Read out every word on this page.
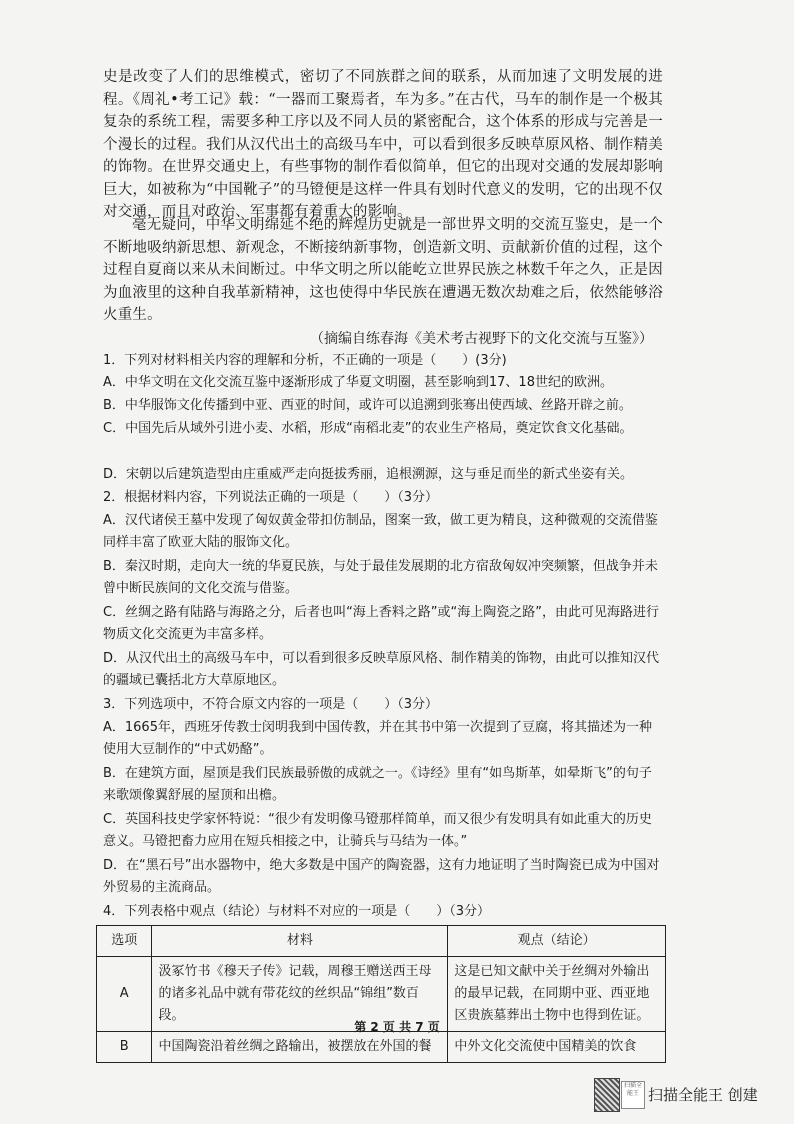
史是改变了人们的思维模式，密切了不同族群之间的联系，从而加速了文明发展的进程。《周礼•考工记》载：“一器而工聚焉者，车为多。”在古代，马车的制作是一个极其复杂的系统工程，需要多种工序以及不同人员的紧密配合，这个体系的形成与完善是一个漫长的过程。我们从汉代出土的高级马车中，可以看到很多反映草原风格、制作精美的饰物。在世界交通史上，有些事物的制作看似简单，但它的出现对交通的发展却影响巨大，如被称为“中国靴子”的马镫便是这样一件具有划时代意义的发明，它的出现不仅对交通，而且对政治、军事都有着重大的影响。

毫无疑问，中华文明绵延不绝的辉煌历史就是一部世界文明的交流互鉴史，是一个不断地吸纳新思想、新观念，不断接纳新事物，创造新文明、贡献新价值的过程，这个过程自夏商以来从未间断过。中华文明之所以能屹立世界民族之林数千年之久，正是因为血液里的这种自我革新精神，这也使得中华民族在遭遇无数次劫难之后，依然能够浴火重生。

（摘编自练春海《美术考古视野下的文化交流与互鉴》）

1．下列对材料相关内容的理解和分析，不正确的一项是（　　）(3分)

A．中华文明在文化交流互鉴中逐渐形成了华夏文明圈，甚至影响到17、18世纪的欧洲。

B．中华服饰文化传播到中亚、西亚的时间，或许可以追溯到张骞出使西域、丝路开辟之前。

C．中国先后从域外引进小麦、水稻，形成“南稻北麦”的农业生产格局，奠定饮食文化基础。

D．宋朝以后建筑造型由庄重威严走向挺拔秀丽，追根溯源，这与垂足而坐的新式坐姿有关。

2．根据材料内容，下列说法正确的一项是（　　）（3分）

A．汉代诸侯王墓中发现了匈奴黄金带扣仿制品，图案一致，做工更为精良，这种微观的交流借鉴同样丰富了欧亚大陆的服饰文化。

B．秦汉时期，走向大一统的华夏民族，与处于最佳发展期的北方宿敌匈奴冲突频繁，但战争并未曾中断民族间的文化交流与借鉴。

C．丝绸之路有陆路与海路之分，后者也叫“海上香料之路”或“海上陶瓷之路”，由此可见海路进行物质文化交流更为丰富多样。

D．从汉代出土的高级马车中，可以看到很多反映草原风格、制作精美的饰物，由此可以推知汉代的疆域已囊括北方大草原地区。

3．下列选项中，不符合原文内容的一项是（　　）（3分）

A．1665年，西班牙传教士闵明我到中国传教，并在其书中第一次提到了豆腐，将其描述为一种使用大豆制作的“中式奶酪”。

B．在建筑方面，屋顶是我们民族最骄傲的成就之一。《诗经》里有“如鸟斯革，如晕斯飞”的句子来歌颂像翼舒展的屋顶和出檐。

C．英国科技史学家怀特说：“很少有发明像马镫那样简单，而又很少有发明具有如此重大的历史意义。马镫把畜力应用在短兵相接之中，让骑兵与马结为一体。”

D．在“黑石号”出水器物中，绝大多数是中国产的陶瓷器，这有力地证明了当时陶瓷已成为中国对外贸易的主流商品。

4．下列表格中观点（结论）与材料不对应的一项是（　　）（3分）

选项	材料	观点（结论）
A	汲冢竹书《穆天子传》记载，周穆王赠送西王母的诸多礼品中就有带花纹的丝织品“锦组”数百段。	这是已知文献中关于丝绸对外输出的最早记载，在同期中亚、西亚地区贵族墓葬出土物中也得到佐证。
B	中国陶瓷沿着丝绸之路输出，被摆放在外国的餐	中外文化交流使中国精美的饮食
第 2 页 共 7 页
扫描全能王 扫描全能王 创建
